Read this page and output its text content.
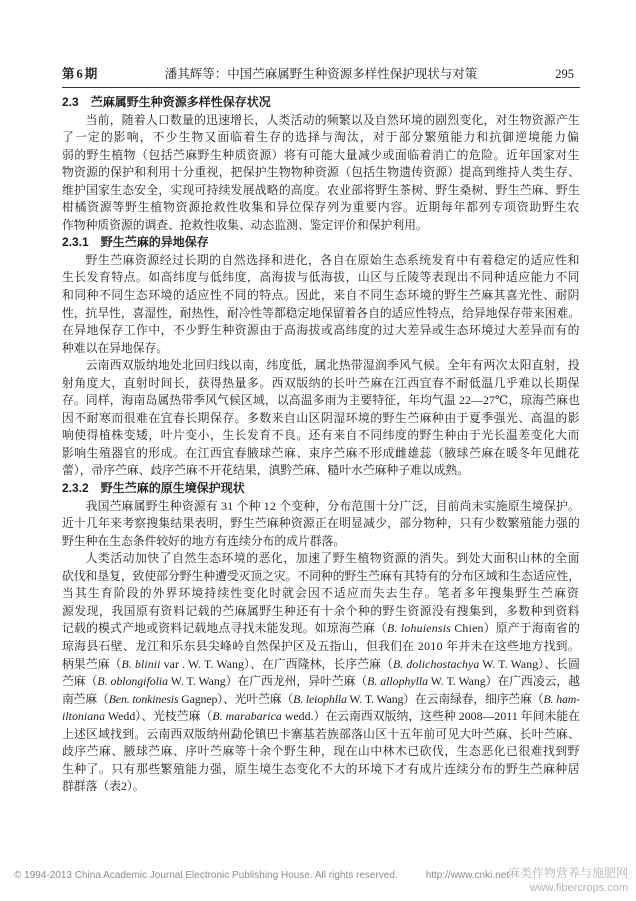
第6期	潘其辉等：中国苎麻属野生种资源多样性保护现状与对策	295
2.3 苎麻属野生种资源多样性保存状况
当前，随着人口数量的迅速增长，人类活动的频繁以及自然环境的剧烈变化，对生物资源产生
了一定的影响，不少生物又面临着生存的选择与淘汰，对于部分繁殖能力和抗御逆境能力偏
弱的野生植物（包括苎麻野生种质资源）将有可能大量减少或面临着消亡的危险。近年国家对生
物资源的保护和利用十分重视，把保护生物物种资源（包括生物遗传资源）提高到维持人类生存、
维护国家生态安全，实现可持续发展战略的高度。农业部将野生茶树、野生桑树、野生苎麻、野生
柑橘资源等野生植物资源抢救性收集和异位保存列为重要内容。近期每年都列专项资助野生农
作物种质资源的调查、抢救性收集、动态监测、鉴定评价和保护利用。
2.3.1 野生苎麻的异地保存
野生苎麻资源经过长期的自然选择和进化，各自在原始生态系统发育中有着稳定的适应性和
生长发育特点。如高纬度与低纬度，高海拔与低海拔，山区与丘陵等表现出不同种适应能力不同
和同种不同生态环境的适应性不同的特点。因此，来自不同生态环境的野生苎麻其喜光性、耐阴
性，抗旱性，喜湿性，耐热性，耐冷性等都稳定地保留着各自的适应性特点，给异地保存带来困难。
在异地保存工作中，不少野生种资源由于高海拔或高纬度的过大差异或生态环境过大差异而有的
种难以在异地保存。
云南西双版纳地处北回归线以南，纬度低，属北热带湿润季风气候。全年有两次太阳直射，投
射角度大，直射时间长，获得热量多。西双版纳的长叶苎麻在江西宜春不耐低温几乎难以长期保
存。同样，海南岛属热带季风气候区域，以高温多雨为主要特征，年均气温 22—27℃，琼海苎麻也
因不耐寒而很难在宜春长期保存。多数来自山区阴湿环境的野生苎麻种由于夏季强光、高温的影
响使得植株变矮，叶片变小，生长发育不良。还有来自不同纬度的野生种由于光长温差变化大而
影响生殖器官的形成。在江西宜春腋球苎麻、束序苎麻不形成雌雄蕊（腋球苎麻在暖冬年见雌花
蕾），帚序苎麻、歧序苎麻不开花结果，滇黔苎麻、糙叶水苎麻种子难以成熟。
2.3.2 野生苎麻的原生境保护现状
我国苎麻属野生种资源有 31 个种 12 个变种，分布范围十分广泛，目前尚未实施原生境保护。
近十几年来考察搜集结果表明，野生苎麻种资源正在明显减少，部分物种，只有少数繁殖能力强的
野生种在生态条件较好的地方有连续分布的成片群落。
人类活动加快了自然生态环境的恶化，加速了野生植物资源的消失。到处大面积山林的全面
砍伐和垦复，致使部分野生种遭受灭顶之灾。不同种的野生苎麻有其特有的分布区域和生态适应性，
当其生育阶段的外界环境持续性变化时就会因不适应而失去生存。笔者多年搜集野生苎麻资
源发现，我国原有资料记载的苎麻属野生种还有十余个种的野生资源没有搜集到，多数种到资料
记载的模式产地或资料记载地点寻找未能发现。如琼海苎麻（B. lohuiensis Chien）原产于海南省的
琼海县石壁、龙江和乐东县尖峰岭自然保护区及五指山，但我们在 2010 年并未在这些地方找到。
柄果苎麻（B. blinii var . W. T. Wang）、在广西隆林，长序苎麻（B. dolichostachya W. T. Wang）、长圆
苎麻（B. oblongifolia W. T. Wang）在广西龙州，异叶苎麻（B. allophylla W. T. Wang）在广西凌云，越
南苎麻（Ben. tonkinesis Gagnep）、光叶苎麻（B. leiophlla W. T. Wang）在云南绿春，细序苎麻（B. ham-
iltoniana Wedd）、光枝苎麻（B. marabarica wedd.）在云南西双版纳，这些种 2008—2011 年间未能在
上述区域找到。云南西双版纳州勐伦镇巴卡寨基若族部落山区十五年前可见大叶苎麻、长叶苎麻、
歧序苎麻、腋球苎麻、序叶苎麻等十余个野生种，现在山中林木已砍伐，生态恶化已很难找到野
生种了。只有那些繁殖能力强，原生境生态变化不大的环境下才有成片连续分布的野生苎麻种居
群群落（表2）。
© 1994-2013 China Academic Journal Electronic Publishing House. All rights reserved.	http://www.cnki.net
麻类作物营养与施肥网
www.fibercrops.com
